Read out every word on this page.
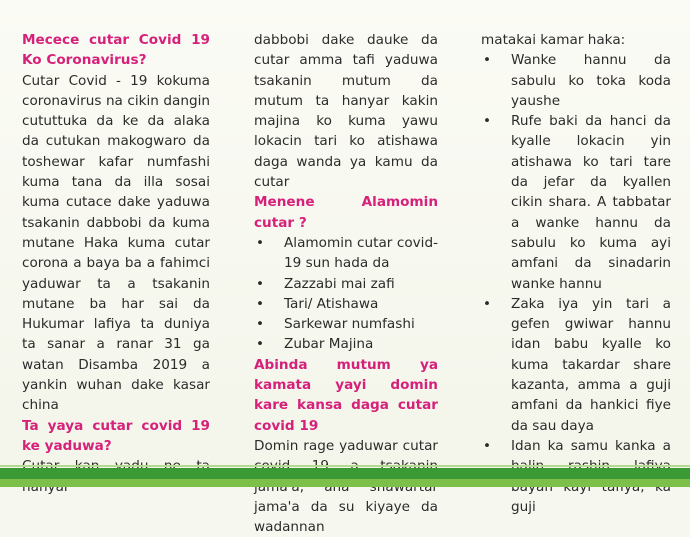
Mecece cutar Covid 19 Ko Coronavirus?

Cutar Covid - 19 kokuma coronavirus na cikin dangin cututtuka da ke da alaka da cutukan makogwaro da toshewar kafar numfashi kuma tana da illa sosai kuma cutace dake yaduwa tsakanin dabbobi da kuma mutane Haka kuma cutar corona a baya ba a fahimci yaduwar ta a tsakanin mutane ba har sai da Hukumar lafiya ta duniya ta sanar a ranar 31 ga watan Disamba 2019 a yankin wuhan dake kasar china

Ta yaya cutar covid 19 ke yaduwa?

dabbobi dake dauke da cutar amma tafi yaduwa tsakanin mutum da mutum ta hanyar kakin majina ko kuma yawu lokacin tari ko atishawa daga wanda ya kamu da cutar

Menene Alamomin cutar ?

• Alamomin cutar covid-19 sun hada da
• Zazzabi mai zafi
• Tari/ Atishawa
• Sarkewar numfashi
• Zubar Majina

Abinda mutum ya kamata yayi domin kare kansa daga cutar covid 19

Domin rage yaduwar cutar jama'a da su kiyaye da wadannan

matakai kamar haka:

• Wanke hannu da sabulu ko toka koda yaushe
• Rufe baki da hanci da kyalle lokacin yin atishawa ko tari tare da jefar da kyallen cikin shara. A tabbatar a wanke hannu da sabulu ko kuma ayi amfani da sinadarin wanke hannu
• Zaka iya yin tari a gefen gwiwar hannu idan babu kyalle ko kuma takardar share kazanta, amma a guji amfani da hankici fiye da sau daya
• Idan ka samu kanka a guji
